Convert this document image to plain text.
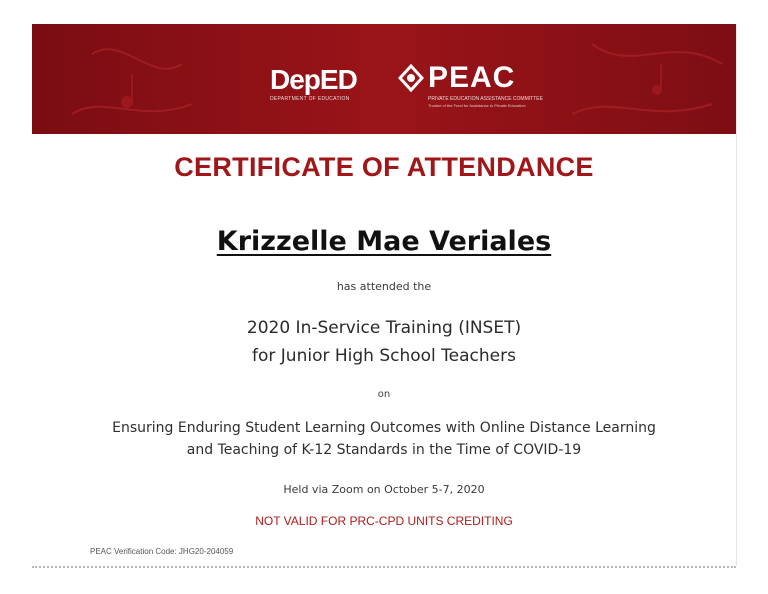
DepED
DEPARTMENT OF EDUCATION
PEAC
PRIVATE EDUCATION ASSISTANCE COMMITTEE
Trustee of the Fund for Assistance to Private Education
CERTIFICATE OF ATTENDANCE
Krizzelle Mae Veriales
has attended the
2020 In-Service Training (INSET)
for Junior High School Teachers
on
Ensuring Enduring Student Learning Outcomes with Online Distance Learning
and Teaching of K-12 Standards in the Time of COVID-19
Held via Zoom on October 5-7, 2020
NOT VALID FOR PRC-CPD UNITS CREDITING
PEAC Verification Code: JHG20-204059
